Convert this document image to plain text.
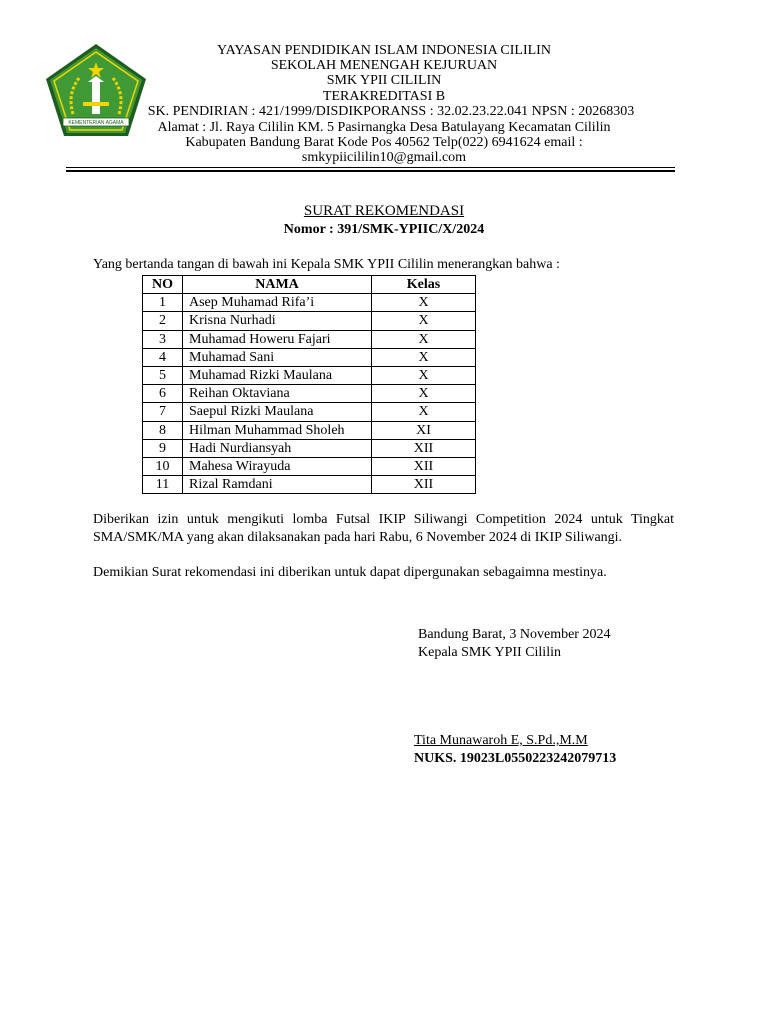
KEMENTERIAN AGAMA
YAYASAN PENDIDIKAN ISLAM INDONESIA CILILIN
SEKOLAH MENENGAH KEJURUAN
SMK YPII CILILIN
TERAKREDITASI B
SK. PENDIRIAN : 421/1999/DISDIKPORANSS : 32.02.23.22.041 NPSN : 20268303
Alamat : Jl. Raya Cililin KM. 5 Pasirnangka Desa Batulayang Kecamatan Cililin
Kabupaten Bandung Barat Kode Pos 40562 Telp(022) 6941624 email :
smkypiicililin10@gmail.com
SURAT REKOMENDASI
Nomor : 391/SMK-YPIIC/X/2024
Yang bertanda tangan di bawah ini Kepala SMK YPII Cililin menerangkan bahwa :
NO	NAMA	Kelas
1	Asep Muhamad Rifa’i	X
2	Krisna Nurhadi	X
3	Muhamad Howeru Fajari	X
4	Muhamad Sani	X
5	Muhamad Rizki Maulana	X
6	Reihan Oktaviana	X
7	Saepul Rizki Maulana	X
8	Hilman Muhammad Sholeh	XI
9	Hadi Nurdiansyah	XII
10	Mahesa Wirayuda	XII
11	Rizal Ramdani	XII
Diberikan izin untuk mengikuti lomba Futsal IKIP Siliwangi Competition 2024 untuk Tingkat SMA/SMK/MA yang akan dilaksanakan pada hari Rabu, 6 November 2024 di IKIP Siliwangi.
Demikian Surat rekomendasi ini diberikan untuk dapat dipergunakan sebagaimna mestinya.
Bandung Barat, 3 November 2024
Kepala SMK YPII Cililin
Tita Munawaroh E, S.Pd.,M.M
NUKS. 19023L0550223242079713
